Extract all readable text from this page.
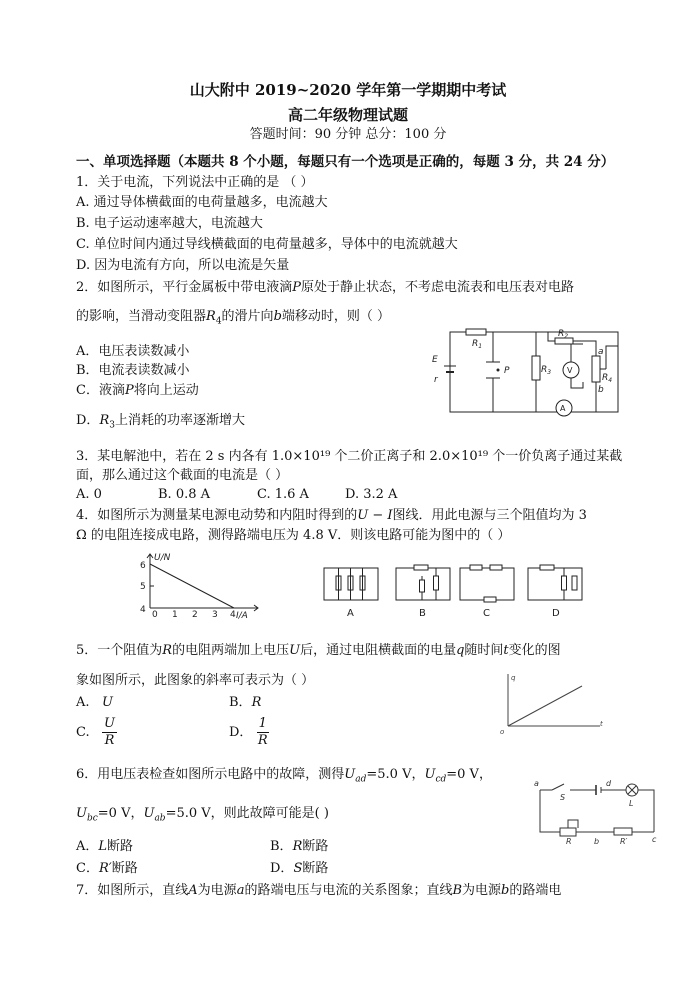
山大附中 2019~2020 学年第一学期期中考试
高二年级物理试题
答题时间：90 分钟 总分：100 分
一、单项选择题（本题共 8 个小题，每题只有一个选项是正确的，每题 3 分，共 24 分）
1．关于电流，下列说法中正确的是 （ ）
A. 通过导体横截面的电荷量越多，电流越大
B. 电子运动速率越大，电流越大
C. 单位时间内通过导线横截面的电荷量越多，导体中的电流就越大
D. 因为电流有方向，所以电流是矢量
2．如图所示，平行金属板中带电液滴P原处于静止状态，不考虑电流表和电压表对电路
的影响，当滑动变阻器$R_4$的滑片向b端移动时，则（ ）
A．电压表读数减小
B．电流表读数减小
C．液滴P将向上运动
D．$R_3$上消耗的功率逐渐增大
E
r
$R_1$
P	$R_3$
$R_2$
$R_4$
a
b
V
A
3．某电解池中，若在 2 s 内各有 1.0×10¹⁹ 个二价正离子和 2.0×10¹⁹ 个一价负离子通过某截
面，那么通过这个截面的电流是（ ）
A. 0	B. 0.8 A	C. 1.6 A	D. 3.2 A
4．如图所示为测量某电源电动势和内阻时得到的U − I图线．用此电源与三个阻值均为 3
Ω 的电阻连接成电路，测得路端电压为 4.8 V．则该电路可能为图中的（ ）
U/N
I/A
6
5
4 0 1 2 3 4	A	B	C	D
5．一个阻值为R的电阻两端加上电压U后，通过电阻横截面的电量q随时间t变化的图
象如图所示，此图象的斜率可表示为（ ）
A. U	B．R
C. $\frac{U}{R}$	D． $\frac{1}{R}$
q
t
o
6．用电压表检查如图所示电路中的故障，测得$U_{ad}=5.0$ V，$U_{cd}=0$ V，
$U_{bc}=0$ V，$U_{ab}=5.0$ V，则此故障可能是( )
A．L断路	B．R断路
C．R′断路	D．S断路
a	d
S
L
R	b	R′	c
7．如图所示，直线A为电源a的路端电压与电流的关系图象；直线B为电源b的路端电
